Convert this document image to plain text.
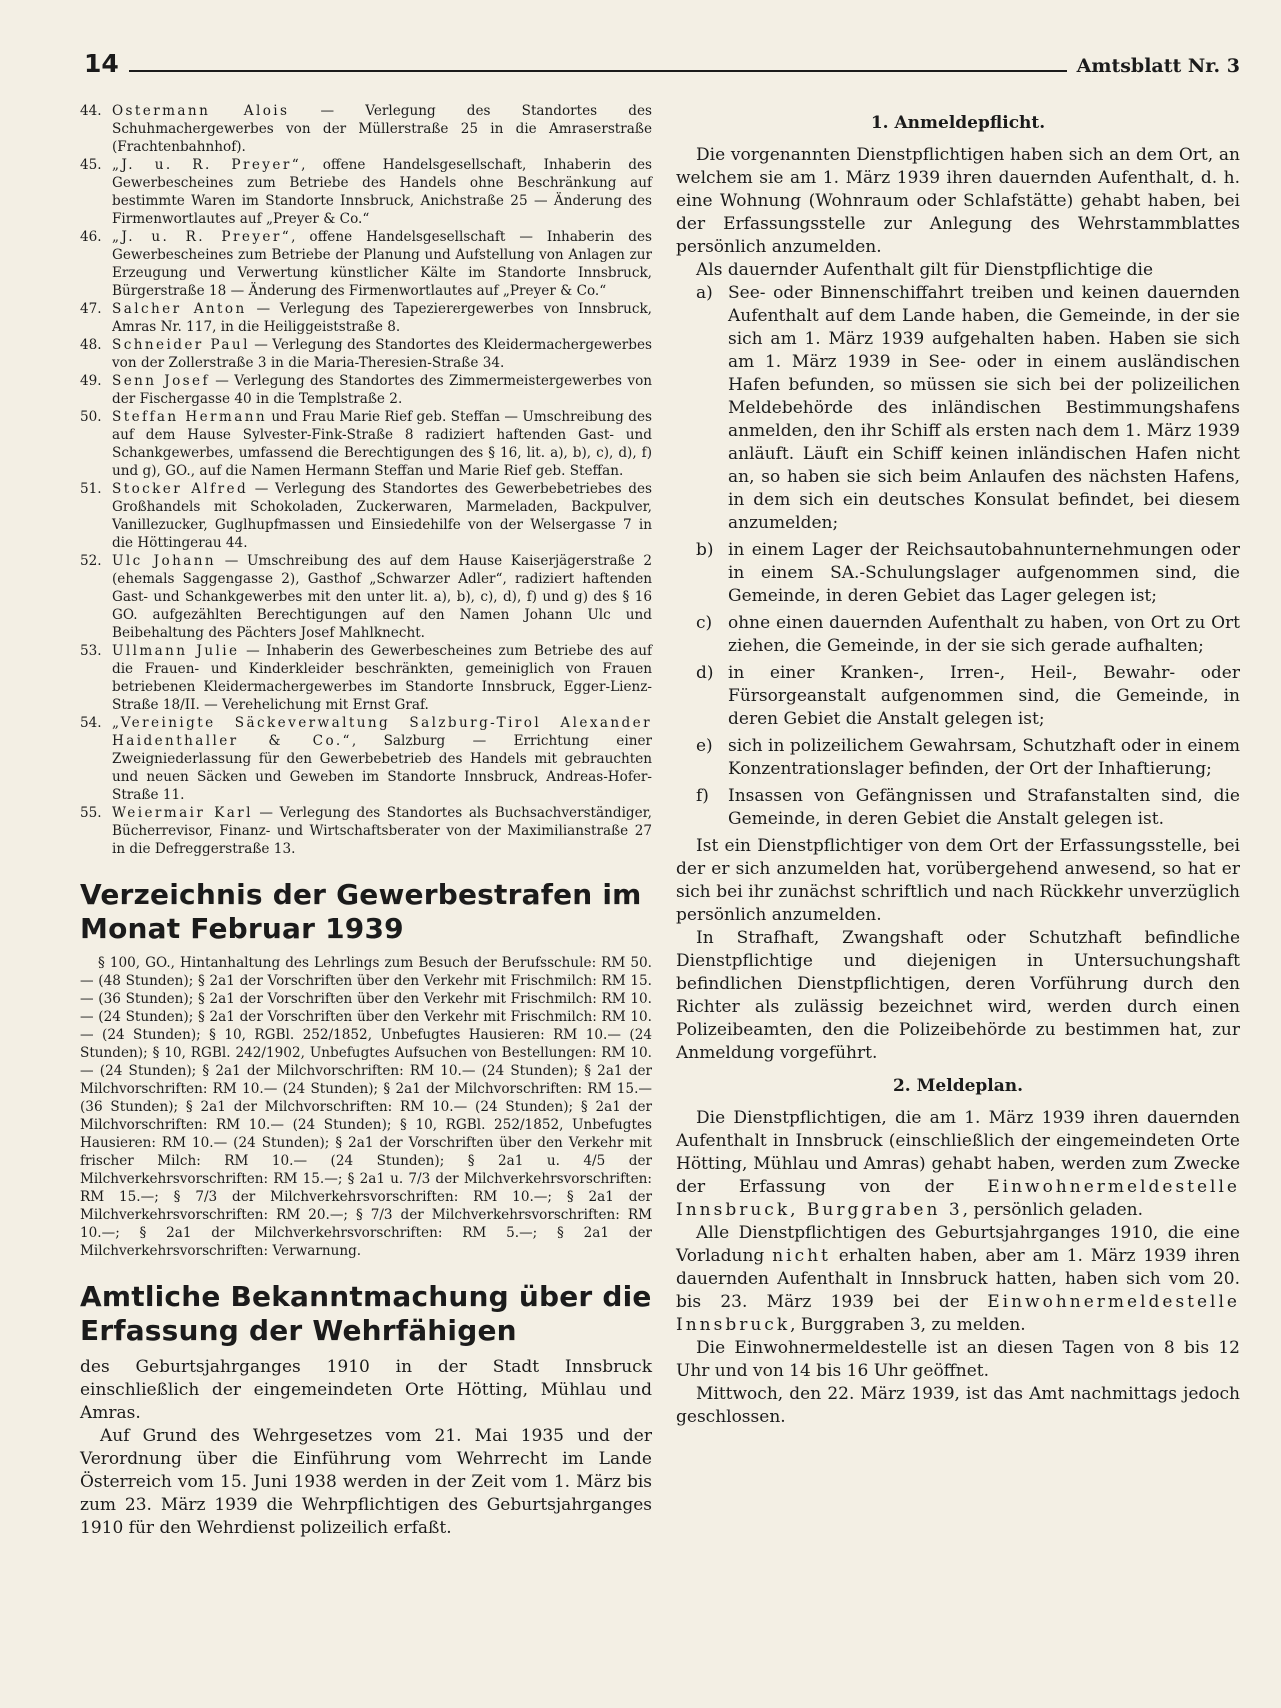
14	Amtsblatt Nr. 3
44. Ostermann Alois — Verlegung des Standortes des Schuhmachergewerbes von der Müllerstraße 25 in die Amraserstraße (Frachtenbahnhof).
45. „J. u. R. Preyer“, offene Handelsgesellschaft, Inhaberin des Gewerbescheines zum Betriebe des Handels ohne Beschränkung auf bestimmte Waren im Standorte Innsbruck, Anichstraße 25 — Änderung des Firmenwortlautes auf „Preyer & Co.“
46. „J. u. R. Preyer“, offene Handelsgesellschaft — Inhaberin des Gewerbescheines zum Betriebe der Planung und Aufstellung von Anlagen zur Erzeugung und Verwertung künstlicher Kälte im Standorte Innsbruck, Bürgerstraße 18 — Änderung des Firmenwortlautes auf „Preyer & Co.“
47. Salcher Anton — Verlegung des Tapezierergewerbes von Innsbruck, Amras Nr. 117, in die Heiliggeiststraße 8.
48. Schneider Paul — Verlegung des Standortes des Kleidermachergewerbes von der Zollerstraße 3 in die Maria-Theresien-Straße 34.
49. Senn Josef — Verlegung des Standortes des Zimmermeistergewerbes von der Fischergasse 40 in die Templstraße 2.
50. Steffan Hermann und Frau Marie Rief geb. Steffan — Umschreibung des auf dem Hause Sylvester-Fink-Straße 8 radiziert haftenden Gast- und Schankgewerbes, umfassend die Berechtigungen des § 16, lit. a), b), c), d), f) und g), GO., auf die Namen Hermann Steffan und Marie Rief geb. Steffan.
51. Stocker Alfred — Verlegung des Standortes des Gewerbebetriebes des Großhandels mit Schokoladen, Zuckerwaren, Marmeladen, Backpulver, Vanillezucker, Guglhupfmassen und Einsiedehilfe von der Welsergasse 7 in die Höttingerau 44.
52. Ulc Johann — Umschreibung des auf dem Hause Kaiserjägerstraße 2 (ehemals Saggengasse 2), Gasthof „Schwarzer Adler“, radiziert haftenden Gast- und Schankgewerbes mit den unter lit. a), b), c), d), f) und g) des § 16 GO. aufgezählten Berechtigungen auf den Namen Johann Ulc und Beibehaltung des Pächters Josef Mahlknecht.
53. Ullmann Julie — Inhaberin des Gewerbescheines zum Betriebe des auf die Frauen- und Kinderkleider beschränkten, gemeiniglich von Frauen betriebenen Kleidermachergewerbes im Standorte Innsbruck, Egger-Lienz-Straße 18/II. — Verehelichung mit Ernst Graf.
54. „Vereinigte Säckeverwaltung Salzburg-Tirol Alexander Haidenthaller & Co.“, Salzburg — Errichtung einer Zweigniederlassung für den Gewerbebetrieb des Handels mit gebrauchten und neuen Säcken und Geweben im Standorte Innsbruck, Andreas-Hofer-Straße 11.
55. Weiermair Karl — Verlegung des Standortes als Buchsachverständiger, Bücherrevisor, Finanz- und Wirtschaftsberater von der Maximilianstraße 27 in die Defreggerstraße 13.
Verzeichnis der Gewerbestrafen im Monat Februar 1939

§ 100, GO., Hintanhaltung des Lehrlings zum Besuch der Berufsschule: RM 50.— (48 Stunden); § 2a1 der Vorschriften über den Verkehr mit Frischmilch: RM 15.— (36 Stunden); § 2a1 der Vorschriften über den Verkehr mit Frischmilch: RM 10.— (24 Stunden); § 2a1 der Vorschriften über den Verkehr mit Frischmilch: RM 10.— (24 Stunden); § 10, RGBl. 252/1852, Unbefugtes Hausieren: RM 10.— (24 Stunden); § 10, RGBl. 242/1902, Unbefugtes Aufsuchen von Bestellungen: RM 10.— (24 Stunden); § 2a1 der Milchvorschriften: RM 10.— (24 Stunden); § 2a1 der Milchvorschriften: RM 10.— (24 Stunden); § 2a1 der Milchvorschriften: RM 15.— (36 Stunden); § 2a1 der Milchvorschriften: RM 10.— (24 Stunden); § 2a1 der Milchvorschriften: RM 10.— (24 Stunden); § 10, RGBl. 252/1852, Unbefugtes Hausieren: RM 10.— (24 Stunden); § 2a1 der Vorschriften über den Verkehr mit frischer Milch: RM 10.— (24 Stunden); § 2a1 u. 4/5 der Milchverkehrsvorschriften: RM 15.—; § 2a1 u. 7/3 der Milchverkehrsvorschriften: RM 15.—; § 7/3 der Milchverkehrsvorschriften: RM 10.—; § 2a1 der Milchverkehrsvorschriften: RM 20.—; § 7/3 der Milchverkehrsvorschriften: RM 10.—; § 2a1 der Milchverkehrsvorschriften: RM 5.—; § 2a1 der Milchverkehrsvorschriften: Verwarnung.

Amtliche Bekanntmachung über die Erfassung der Wehrfähigen

des Geburtsjahrganges 1910 in der Stadt Innsbruck einschließlich der eingemeindeten Orte Hötting, Mühlau und Amras.

Auf Grund des Wehrgesetzes vom 21. Mai 1935 und der Verordnung über die Einführung vom Wehrrecht im Lande Österreich vom 15. Juni 1938 werden in der Zeit vom 1. März bis zum 23. März 1939 die Wehrpflichtigen des Geburtsjahrganges 1910 für den Wehrdienst polizeilich erfaßt.

1. Anmeldepflicht.

Die vorgenannten Dienstpflichtigen haben sich an dem Ort, an welchem sie am 1. März 1939 ihren dauernden Aufenthalt, d. h. eine Wohnung (Wohnraum oder Schlafstätte) gehabt haben, bei der Erfassungsstelle zur Anlegung des Wehrstammblattes persönlich anzumelden.

Als dauernder Aufenthalt gilt für Dienstpflichtige die

a) See- oder Binnenschiffahrt treiben und keinen dauernden Aufenthalt auf dem Lande haben, die Gemeinde, in der sie sich am 1. März 1939 aufgehalten haben. Haben sie sich am 1. März 1939 in See- oder in einem ausländischen Hafen befunden, so müssen sie sich bei der polizeilichen Meldebehörde des inländischen Bestimmungshafens anmelden, den ihr Schiff als ersten nach dem 1. März 1939 anläuft. Läuft ein Schiff keinen inländischen Hafen nicht an, so haben sie sich beim Anlaufen des nächsten Hafens, in dem sich ein deutsches Konsulat befindet, bei diesem anzumelden;
b) in einem Lager der Reichsautobahnunternehmungen oder in einem SA.-Schulungslager aufgenommen sind, die Gemeinde, in deren Gebiet das Lager gelegen ist;
c) ohne einen dauernden Aufenthalt zu haben, von Ort zu Ort ziehen, die Gemeinde, in der sie sich gerade aufhalten;
d) in einer Kranken-, Irren-, Heil-, Bewahr- oder Fürsorgeanstalt aufgenommen sind, die Gemeinde, in deren Gebiet die Anstalt gelegen ist;
e) sich in polizeilichem Gewahrsam, Schutzhaft oder in einem Konzentrationslager befinden, der Ort der Inhaftierung;
f) Insassen von Gefängnissen und Strafanstalten sind, die Gemeinde, in deren Gebiet die Anstalt gelegen ist.

Ist ein Dienstpflichtiger von dem Ort der Erfassungsstelle, bei der er sich anzumelden hat, vorübergehend anwesend, so hat er sich bei ihr zunächst schriftlich und nach Rückkehr unverzüglich persönlich anzumelden.

In Strafhaft, Zwangshaft oder Schutzhaft befindliche Dienstpflichtige und diejenigen in Untersuchungshaft befindlichen Dienstpflichtigen, deren Vorführung durch den Richter als zulässig bezeichnet wird, werden durch einen Polizeibeamten, den die Polizeibehörde zu bestimmen hat, zur Anmeldung vorgeführt.

2. Meldeplan.

Die Dienstpflichtigen, die am 1. März 1939 ihren dauernden Aufenthalt in Innsbruck (einschließlich der eingemeindeten Orte Hötting, Mühlau und Amras) gehabt haben, werden zum Zwecke der Erfassung von der Einwohnermeldestelle Innsbruck, Burggraben 3, persönlich geladen.

Alle Dienstpflichtigen des Geburtsjahrganges 1910, die eine Vorladung nicht erhalten haben, aber am 1. März 1939 ihren dauernden Aufenthalt in Innsbruck hatten, haben sich vom 20. bis 23. März 1939 bei der Einwohnermeldestelle Innsbruck, Burggraben 3, zu melden.

Die Einwohnermeldestelle ist an diesen Tagen von 8 bis 12 Uhr und von 14 bis 16 Uhr geöffnet.

Mittwoch, den 22. März 1939, ist das Amt nachmittags jedoch geschlossen.
